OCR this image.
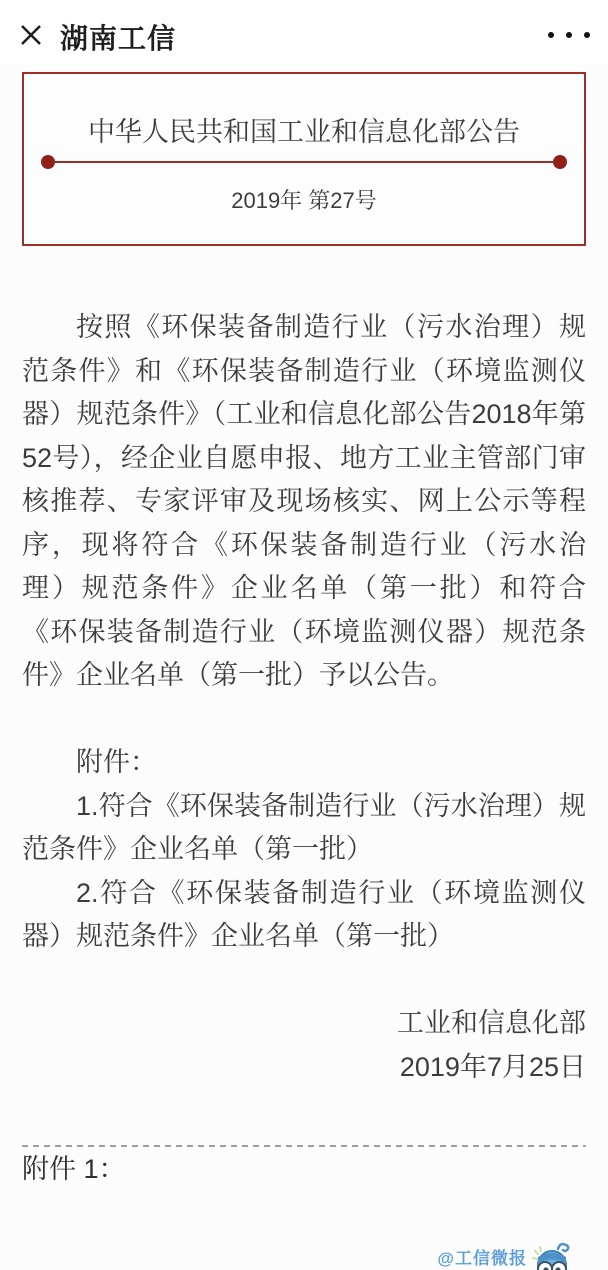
湖南工信
中华人民共和国工业和信息化部公告
2019年 第27号
按照《环保装备制造行业（污水治理）规
范条件》和《环保装备制造行业（环境监测仪
器）规范条件》（工业和信息化部公告2018年第
52号），经企业自愿申报、地方工业主管部门审
核推荐、专家评审及现场核实、网上公示等程
序，现将符合《环保装备制造行业（污水治
理）规范条件》企业名单（第一批）和符合
《环保装备制造行业（环境监测仪器）规范条
件》企业名单（第一批）予以公告。
附件：
1.符合《环保装备制造行业（污水治理）规
范条件》企业名单（第一批）
2.符合《环保装备制造行业（环境监测仪
器）规范条件》企业名单（第一批）
工业和信息化部
2019年7月25日
附件 1：
@工信微报
